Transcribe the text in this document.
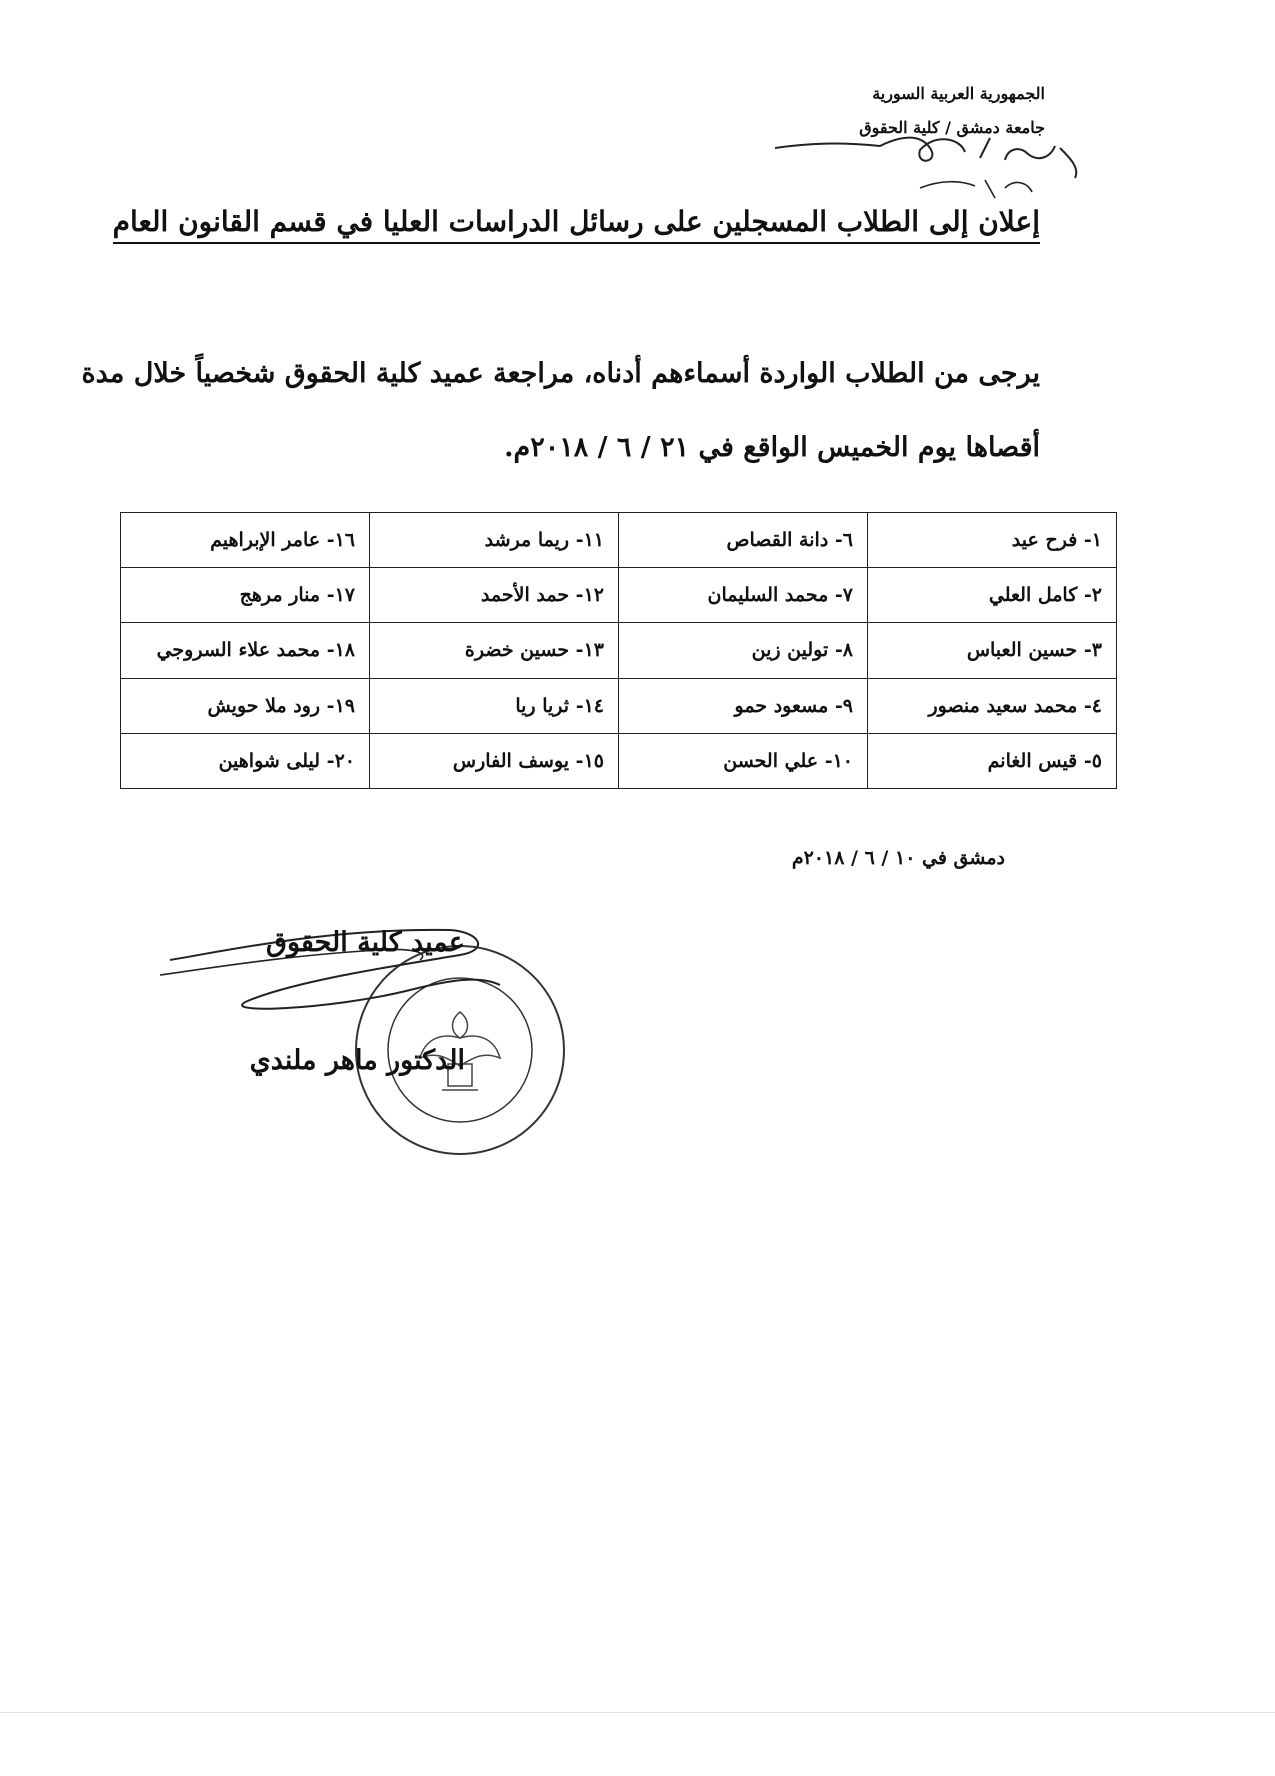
الجمهورية العربية السورية
جامعة دمشق / كلية الحقوق
إعلان إلى الطلاب المسجلين على رسائل الدراسات العليا في قسم القانون العام
يرجى من الطلاب الواردة أسماءهم أدناه، مراجعة عميد كلية الحقوق شخصياً خلال مدة
أقصاها يوم الخميس الواقع في ٢١ / ٦ / ٢٠١٨م.
١- فرح عيد	٦- دانة القصاص	١١- ريما مرشد	١٦- عامر الإبراهيم
٢- كامل العلي	٧- محمد السليمان	١٢- حمد الأحمد	١٧- منار مرهج
٣- حسين العباس	٨- تولين زين	١٣- حسين خضرة	١٨- محمد علاء السروجي
٤- محمد سعيد منصور	٩- مسعود حمو	١٤- ثريا ريا	١٩- رود ملا حويش
٥- قيس الغانم	١٠- علي الحسن	١٥- يوسف الفارس	٢٠- ليلى شواهين
دمشق في ١٠ / ٦ / ٢٠١٨م
عميد كلية الحقوق
الدكتور ماهر ملندي
